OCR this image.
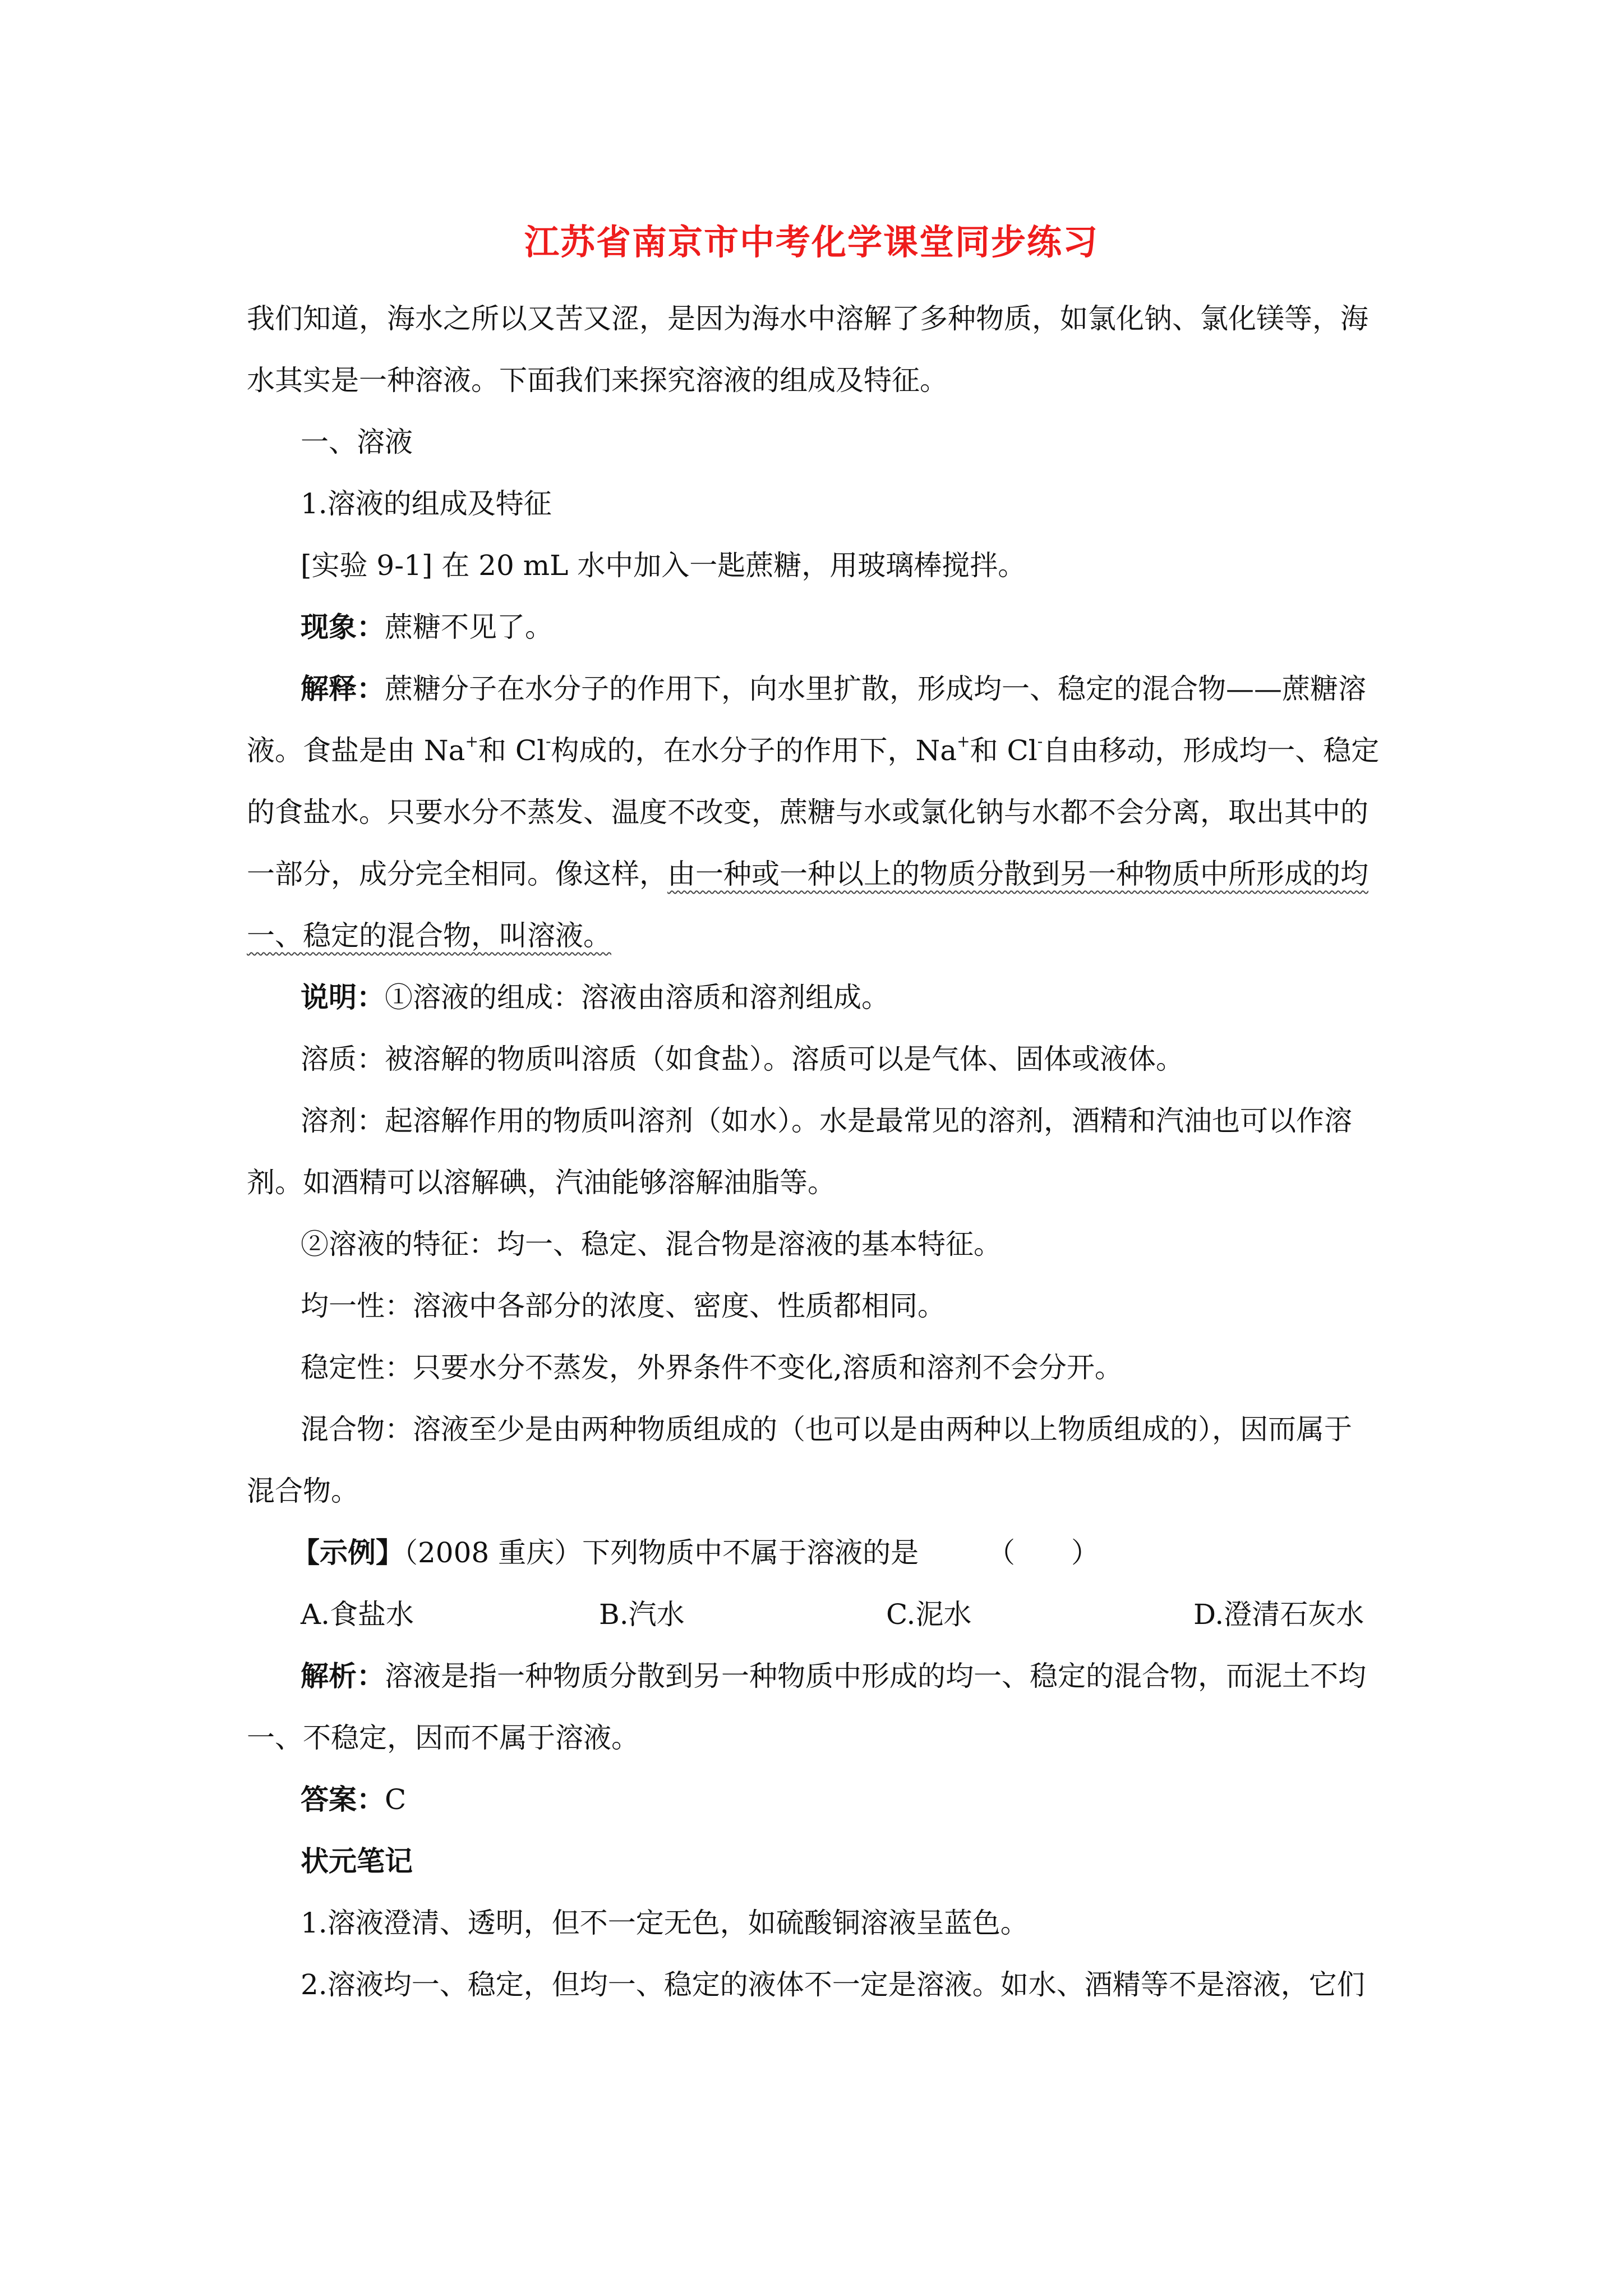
江苏省南京市中考化学课堂同步练习
我们知道，海水之所以又苦又涩，是因为海水中溶解了多种物质，如氯化钠、氯化镁等，海
水其实是一种溶液。下面我们来探究溶液的组成及特征。
一、溶液
1.溶液的组成及特征
[实验 9-1] 在 20 mL 水中加入一匙蔗糖，用玻璃棒搅拌。
现象：蔗糖不见了。
解释：蔗糖分子在水分子的作用下，向水里扩散，形成均一、稳定的混合物——蔗糖溶
液。食盐是由 Na+和 Cl-构成的，在水分子的作用下，Na+和 Cl-自由移动，形成均一、稳定
的食盐水。只要水分不蒸发、温度不改变，蔗糖与水或氯化钠与水都不会分离，取出其中的
一部分，成分完全相同。像这样，由一种或一种以上的物质分散到另一种物质中所形成的均
一、稳定的混合物，叫溶液。
说明：①溶液的组成：溶液由溶质和溶剂组成。
溶质：被溶解的物质叫溶质（如食盐）。溶质可以是气体、固体或液体。
溶剂：起溶解作用的物质叫溶剂（如水）。水是最常见的溶剂，酒精和汽油也可以作溶
剂。如酒精可以溶解碘，汽油能够溶解油脂等。
②溶液的特征：均一、稳定、混合物是溶液的基本特征。
均一性：溶液中各部分的浓度、密度、性质都相同。
稳定性：只要水分不蒸发，外界条件不变化,溶质和溶剂不会分开。
混合物：溶液至少是由两种物质组成的（也可以是由两种以上物质组成的），因而属于
混合物。
【示例】（2008 重庆）下列物质中不属于溶液的是 （　　）
A.食盐水	B.汽水	C.泥水	D.澄清石灰水
解析：溶液是指一种物质分散到另一种物质中形成的均一、稳定的混合物，而泥土不均
一、不稳定，因而不属于溶液。
答案：C
状元笔记
1.溶液澄清、透明，但不一定无色，如硫酸铜溶液呈蓝色。
2.溶液均一、稳定，但均一、稳定的液体不一定是溶液。如水、酒精等不是溶液，它们
